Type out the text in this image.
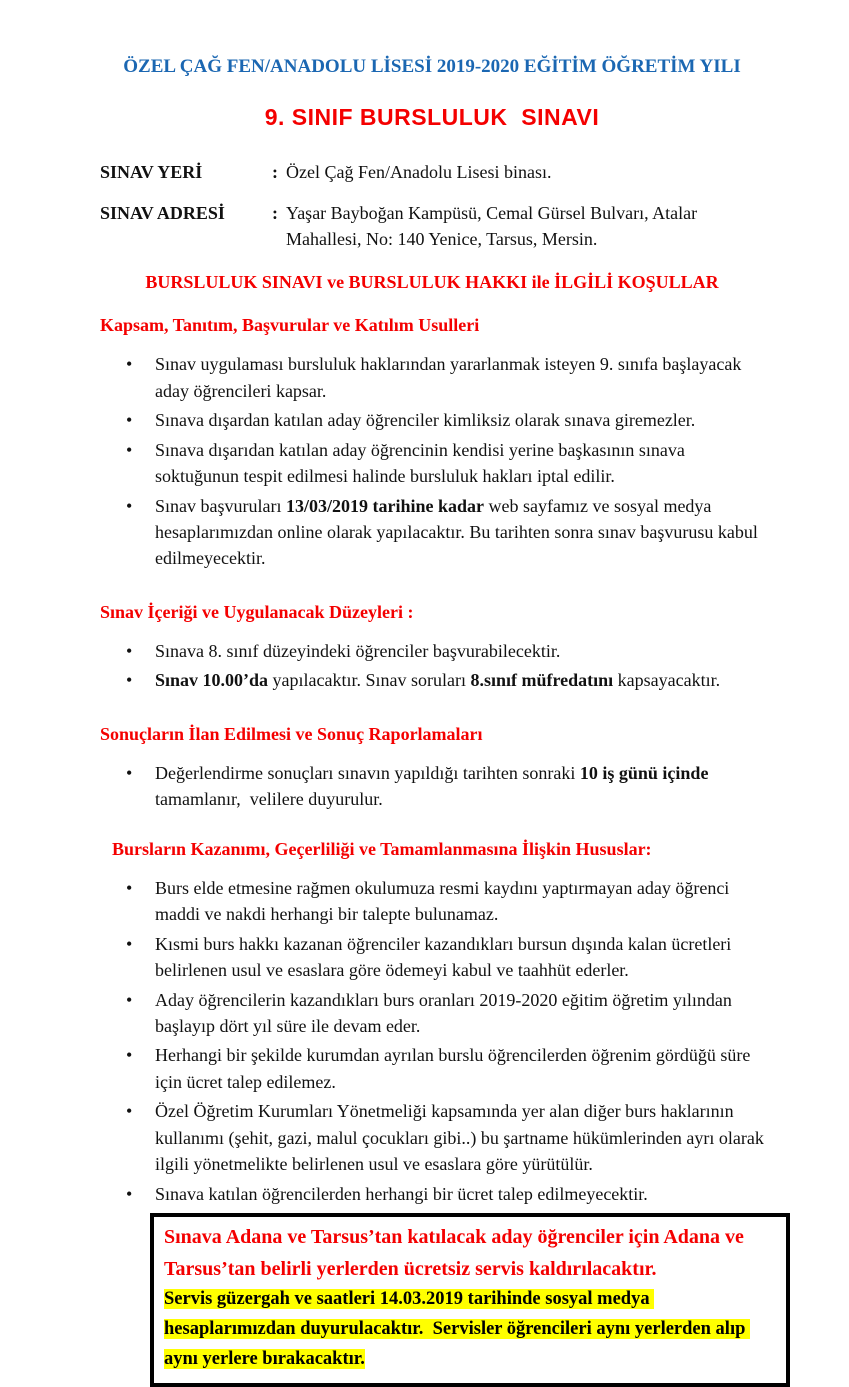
ÖZEL ÇAĞ FEN/ANADOLU LİSESİ 2019-2020 EĞİTİM ÖĞRETİM YILI
9. SINIF BURSLULUK  SINAVI
SINAV YERİ	: Özel Çağ Fen/Anadolu Lisesi binası.
SINAV ADRESİ	: Yaşar Bayboğan Kampüsü, Cemal Gürsel Bulvarı, Atalar Mahallesi, No: 140 Yenice, Tarsus, Mersin.
BURSLULUK SINAVI ve BURSLULUK HAKKI ile İLGİLİ KOŞULLAR
Kapsam, Tanıtım, Başvurular ve Katılım Usulleri
• Sınav uygulaması bursluluk haklarından yararlanmak isteyen 9. sınıfa başlayacak aday öğrencileri kapsar.
• Sınava dışardan katılan aday öğrenciler kimliksiz olarak sınava giremezler.
• Sınava dışarıdan katılan aday öğrencinin kendisi yerine başkasının sınava soktuğunun tespit edilmesi halinde bursluluk hakları iptal edilir.
• Sınav başvuruları 13/03/2019 tarihine kadar web sayfamız ve sosyal medya hesaplarımızdan online olarak yapılacaktır. Bu tarihten sonra sınav başvurusu kabul edilmeyecektir.
Sınav İçeriği ve Uygulanacak Düzeyleri :
• Sınava 8. sınıf düzeyindeki öğrenciler başvurabilecektir.
• Sınav 10.00’da yapılacaktır. Sınav soruları 8.sınıf müfredatını kapsayacaktır.
Sonuçların İlan Edilmesi ve Sonuç Raporlamaları
• Değerlendirme sonuçları sınavın yapıldığı tarihten sonraki 10 iş günü içinde tamamlanır,  velilere duyurulur.
Bursların Kazanımı, Geçerliliği ve Tamamlanmasına İlişkin Hususlar:
• Burs elde etmesine rağmen okulumuza resmi kaydını yaptırmayan aday öğrenci maddi ve nakdi herhangi bir talepte bulunamaz.
• Kısmi burs hakkı kazanan öğrenciler kazandıkları bursun dışında kalan ücretleri belirlenen usul ve esaslara göre ödemeyi kabul ve taahhüt ederler.
• Aday öğrencilerin kazandıkları burs oranları 2019-2020 eğitim öğretim yılından başlayıp dört yıl süre ile devam eder.
• Herhangi bir şekilde kurumdan ayrılan burslu öğrencilerden öğrenim gördüğü süre için ücret talep edilemez.
• Özel Öğretim Kurumları Yönetmeliği kapsamında yer alan diğer burs haklarının kullanımı (şehit, gazi, malul çocukları gibi..) bu şartname hükümlerinden ayrı olarak ilgili yönetmelikte belirlenen usul ve esaslara göre yürütülür.
• Sınava katılan öğrencilerden herhangi bir ücret talep edilmeyecektir.

Sınava Adana ve Tarsus’tan katılacak aday öğrenciler için Adana ve Tarsus’tan belirli yerlerden ücretsiz servis kaldırılacaktır.

Servis güzergah ve saatleri 14.03.2019 tarihinde sosyal medya hesaplarımızdan duyurulacaktır.  Servisler öğrencileri aynı yerlerden alıp aynı yerlere bırakacaktır.
